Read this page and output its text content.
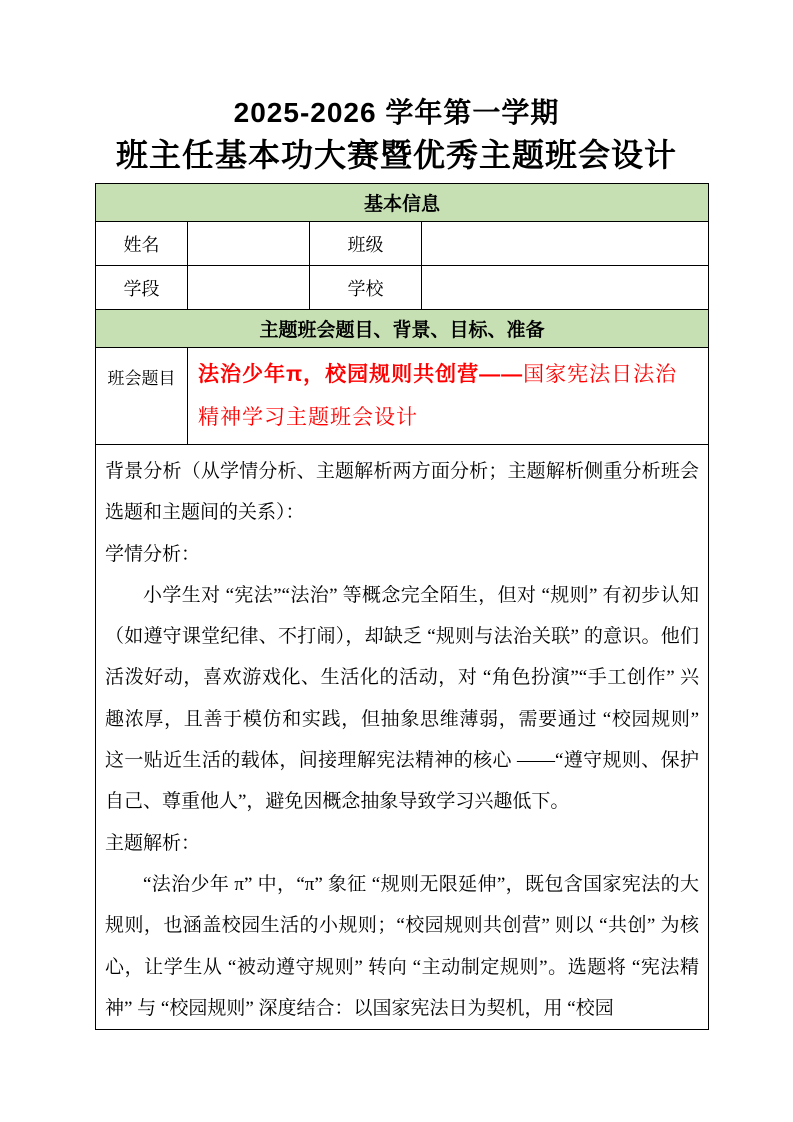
2025-2026 学年第一学期
班主任基本功大赛暨优秀主题班会设计
基本信息			
姓名		班级	
学段		学校	
主题班会题目、背景、目标、准备			
班会题目	法治少年π，校园规则共创营——国家宪法日法治精神学习主题班会设计		

背景分析（从学情分析、主题解析两方面分析；主题解析侧重分析班会选题和主题间的关系）：

学情分析：

小学生对 “宪法”“法治” 等概念完全陌生，但对 “规则” 有初步认知（如遵守课堂纪律、不打闹），却缺乏 “规则与法治关联” 的意识。他们活泼好动，喜欢游戏化、生活化的活动，对 “角色扮演”“手工创作” 兴趣浓厚，且善于模仿和实践，但抽象思维薄弱，需要通过 “校园规则” 这一贴近生活的载体，间接理解宪法精神的核心 ——“遵守规则、保护自己、尊重他人”，避免因概念抽象导致学习兴趣低下。

主题解析：

“法治少年 π” 中，“π” 象征 “规则无限延伸”，既包含国家宪法的大规则，也涵盖校园生活的小规则；“校园规则共创营” 则以 “共创” 为核心，让学生从 “被动遵守规则” 转向 “主动制定规则”。选题将 “宪法精神” 与 “校园规则” 深度结合：以国家宪法日为契机，用 “校园			
